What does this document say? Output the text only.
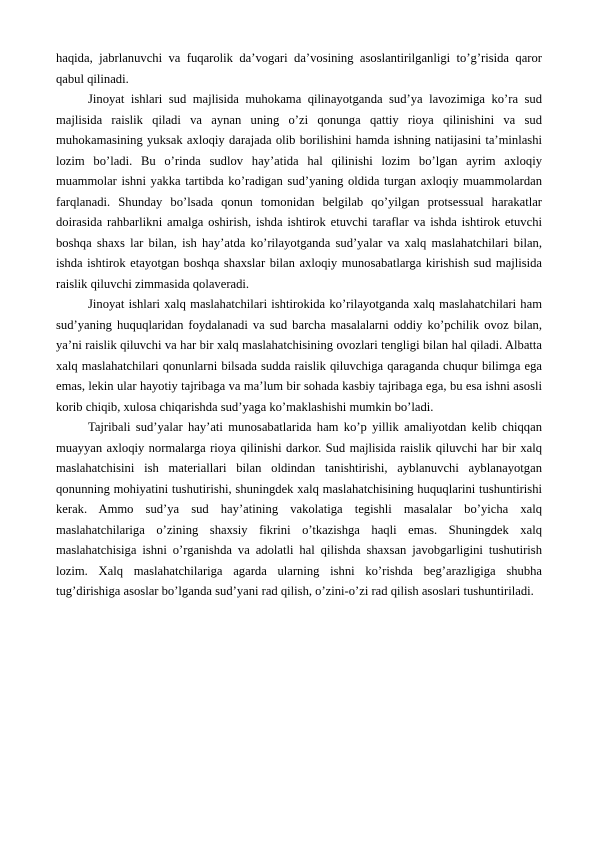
haqida, jabrlanuvchi va fuqarolik da’vogari da’vosining asoslantirilganligi to’g’risida qaror qabul qilinadi.

Jinoyat ishlari sud majlisida muhokama qilinayotganda sud’ya lavozimiga ko’ra sud majlisida raislik qiladi va aynan uning o’zi qonunga qattiy rioya qilinishini va sud muhokamasining yuksak axloqiy darajada olib borilishini hamda ishning natijasini ta’minlashi lozim bo’ladi. Bu o’rinda sudlov hay’atida hal qilinishi lozim bo’lgan ayrim axloqiy muammolar ishni yakka tartibda ko’radigan sud’yaning oldida turgan axloqiy muammolardan farqlanadi. Shunday bo’lsada qonun tomonidan belgilab qo’yilgan protsessual harakatlar doirasida rahbarlikni amalga oshirish, ishda ishtirok etuvchi taraflar va ishda ishtirok etuvchi boshqa shaxs lar bilan, ish hay’atda ko’rilayotganda sud’yalar va xalq maslahatchilari bilan, ishda ishtirok etayotgan boshqa shaxslar bilan axloqiy munosabatlarga kirishish sud majlisida raislik qiluvchi zimmasida qolaveradi.

Jinoyat ishlari xalq maslahatchilari ishtirokida ko’rilayotganda xalq maslahatchilari ham sud’yaning huquqlaridan foydalanadi va sud barcha masalalarni oddiy ko’pchilik ovoz bilan, ya’ni raislik qiluvchi va har bir xalq maslahatchisining ovozlari tengligi bilan hal qiladi. Albatta xalq maslahatchilari qonunlarni bilsada sudda raislik qiluvchiga qaraganda chuqur bilimga ega emas, lekin ular hayotiy tajribaga va ma’lum bir sohada kasbiy tajribaga ega, bu esa ishni asosli korib chiqib, xulosa chiqarishda sud’yaga ko’maklashishi mumkin bo’ladi.

Tajribali sud’yalar hay’ati munosabatlarida ham ko’p yillik amaliyotdan kelib chiqqan muayyan axloqiy normalarga rioya qilinishi darkor. Sud majlisida raislik qiluvchi har bir xalq maslahatchisini ish materiallari bilan oldindan tanishtirishi, ayblanuvchi ayblanayotgan qonunning mohiyatini tushutirishi, shuningdek xalq maslahatchisining huquqlarini tushuntirishi kerak. Ammo sud’ya sud hay’atining vakolatiga tegishli masalalar bo’yicha xalq maslahatchilariga o’zining shaxsiy fikrini o’tkazishga haqli emas. Shuningdek xalq maslahatchisiga ishni o’rganishda va adolatli hal qilishda shaxsan javobgarligini tushutirish lozim. Xalq maslahatchilariga agarda ularning ishni ko’rishda beg’arazligiga shubha tug’dirishiga asoslar bo’lganda sud’yani rad qilish, o’zini-o’zi rad qilish asoslari tushuntiriladi.
